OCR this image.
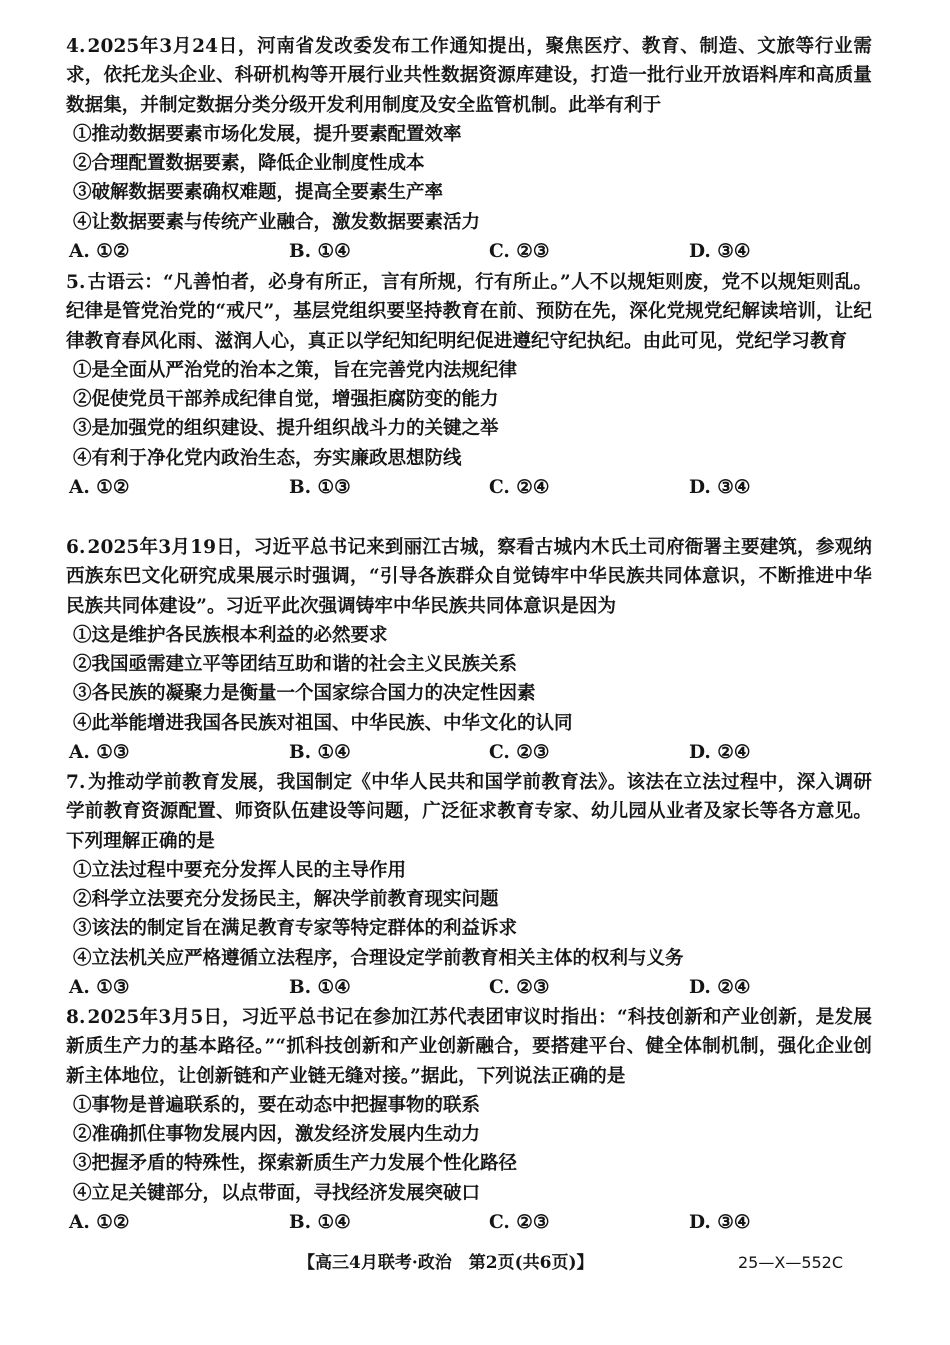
4. 2025年3月24日，河南省发改委发布工作通知提出，聚焦医疗、教育、制造、文旅等行业需求，依托龙头企业、科研机构等开展行业共性数据资源库建设，打造一批行业开放语料库和高质量数据集，并制定数据分类分级开发利用制度及安全监管机制。此举有利于
①推动数据要素市场化发展，提升要素配置效率
②合理配置数据要素，降低企业制度性成本
③破解数据要素确权难题，提高全要素生产率
④让数据要素与传统产业融合，激发数据要素活力
A. ①②	B. ①④	C. ②③	D. ③④
5. 古语云：“凡善怕者，必身有所正，言有所规，行有所止。”人不以规矩则废，党不以规矩则乱。纪律是管党治党的“戒尺”，基层党组织要坚持教育在前、预防在先，深化党规党纪解读培训，让纪律教育春风化雨、滋润人心，真正以学纪知纪明纪促进遵纪守纪执纪。由此可见，党纪学习教育
①是全面从严治党的治本之策，旨在完善党内法规纪律
②促使党员干部养成纪律自觉，增强拒腐防变的能力
③是加强党的组织建设、提升组织战斗力的关键之举
④有利于净化党内政治生态，夯实廉政思想防线
A. ①②	B. ①③	C. ②④	D. ③④
6. 2025年3月19日，习近平总书记来到丽江古城，察看古城内木氏土司府衙署主要建筑，参观纳西族东巴文化研究成果展示时强调，“引导各族群众自觉铸牢中华民族共同体意识，不断推进中华民族共同体建设”。习近平此次强调铸牢中华民族共同体意识是因为
①这是维护各民族根本利益的必然要求
②我国亟需建立平等团结互助和谐的社会主义民族关系
③各民族的凝聚力是衡量一个国家综合国力的决定性因素
④此举能增进我国各民族对祖国、中华民族、中华文化的认同
A. ①③	B. ①④	C. ②③	D. ②④
7. 为推动学前教育发展，我国制定《中华人民共和国学前教育法》。该法在立法过程中，深入调研学前教育资源配置、师资队伍建设等问题，广泛征求教育专家、幼儿园从业者及家长等各方意见。下列理解正确的是
①立法过程中要充分发挥人民的主导作用
②科学立法要充分发扬民主，解决学前教育现实问题
③该法的制定旨在满足教育专家等特定群体的利益诉求
④立法机关应严格遵循立法程序，合理设定学前教育相关主体的权利与义务
A. ①③	B. ①④	C. ②③	D. ②④
8. 2025年3月5日，习近平总书记在参加江苏代表团审议时指出：“科技创新和产业创新，是发展新质生产力的基本路径。”“抓科技创新和产业创新融合，要搭建平台、健全体制机制，强化企业创新主体地位，让创新链和产业链无缝对接。”据此，下列说法正确的是
①事物是普遍联系的，要在动态中把握事物的联系
②准确抓住事物发展内因，激发经济发展内生动力
③把握矛盾的特殊性，探索新质生产力发展个性化路径
④立足关键部分，以点带面，寻找经济发展突破口
A. ①②	B. ①④	C. ②③	D. ③④
【高三4月联考·政治　第2页(共6页)】	25—X—552C
